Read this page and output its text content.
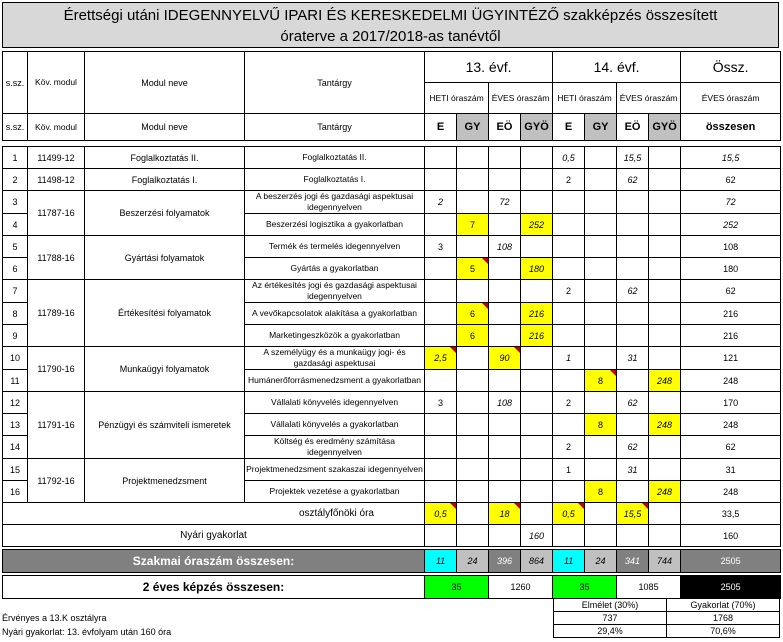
Érettségi utáni IDEGENNYELVŰ IPARI ÉS KERESKEDELMI ÜGYINTÉZŐ szakképzés összesített
óraterve a 2017/2018-as tanévtől
s.sz.	Köv. modul	Modul neve	Tantárgy	13. évf.				14. évf.				Össz.
				HETI óraszám		ÉVES óraszám		HETI óraszám		ÉVES óraszám		ÉVES óraszám
s.sz.	Köv. modul	Modul neve	Tantárgy	E	GY	EÖ	GYÖ	E	GY	EÖ	GYÖ	összesen

1	11499-12	Foglalkoztatás II.	Foglalkoztatás II.					0,5		15,5		15,5
2	11498-12	Foglalkoztatás I.	Foglalkoztatás I.					2		62		62
3	11787-16	Beszerzési folyamatok	A beszerzés jogi és gazdasági aspektusai idegennyelven	2		72						72
4			Beszerzési logisztika a gyakorlatban		7		252					252
5	11788-16	Gyártási folyamatok	Termék és termelés idegennyelven	3		108						108
6			Gyártás a gyakorlatban		5		180					180
7	11789-16	Értékesítési folyamatok	Az értékesítés jogi és gazdasági aspektusai idegennyelven					2		62		62
8			A vevőkapcsolatok alakítása a gyakorlatban		6		216					216
9			Marketingeszközök a gyakorlatban		6		216					216
10	11790-16	Munkaügyi folyamatok	A személyügy és a munkaügy jogi- és gazdasági aspektusai	2,5		90		1		31		121
11			Humánerőforrásmenedzsment a gyakorlatban						8		248	248
12	11791-16	Pénzügyi és számviteli ismeretek	Vállalati könyvelés idegennyelven	3		108		2		62		170
13			Vállalati könyvelés a gyakorlatban						8		248	248
14			Költség és eredmény számítása idegennyelven					2		62		62
15	11792-16	Projektmenedzsment	Projektmenedzsment szakaszai idegennyelven					1		31		31
16			Projektek vezetése a gyakorlatban						8		248	248
osztályfőnöki óra				0,5		18		0,5		15,5		33,5
Nyári gyakorlat							160					160

Szakmai óraszám összesen:				11	24	396	864	11	24	341	744	2505

2 éves képzés összesen:				35		1260		35		1085		2505
Érvényes a 13.K osztályra
Nyári gyakorlat: 13. évfolyam után 160 óra
Elmélet (30%)	Gyakorlat (70%)
737	1768
29,4%	70,6%
